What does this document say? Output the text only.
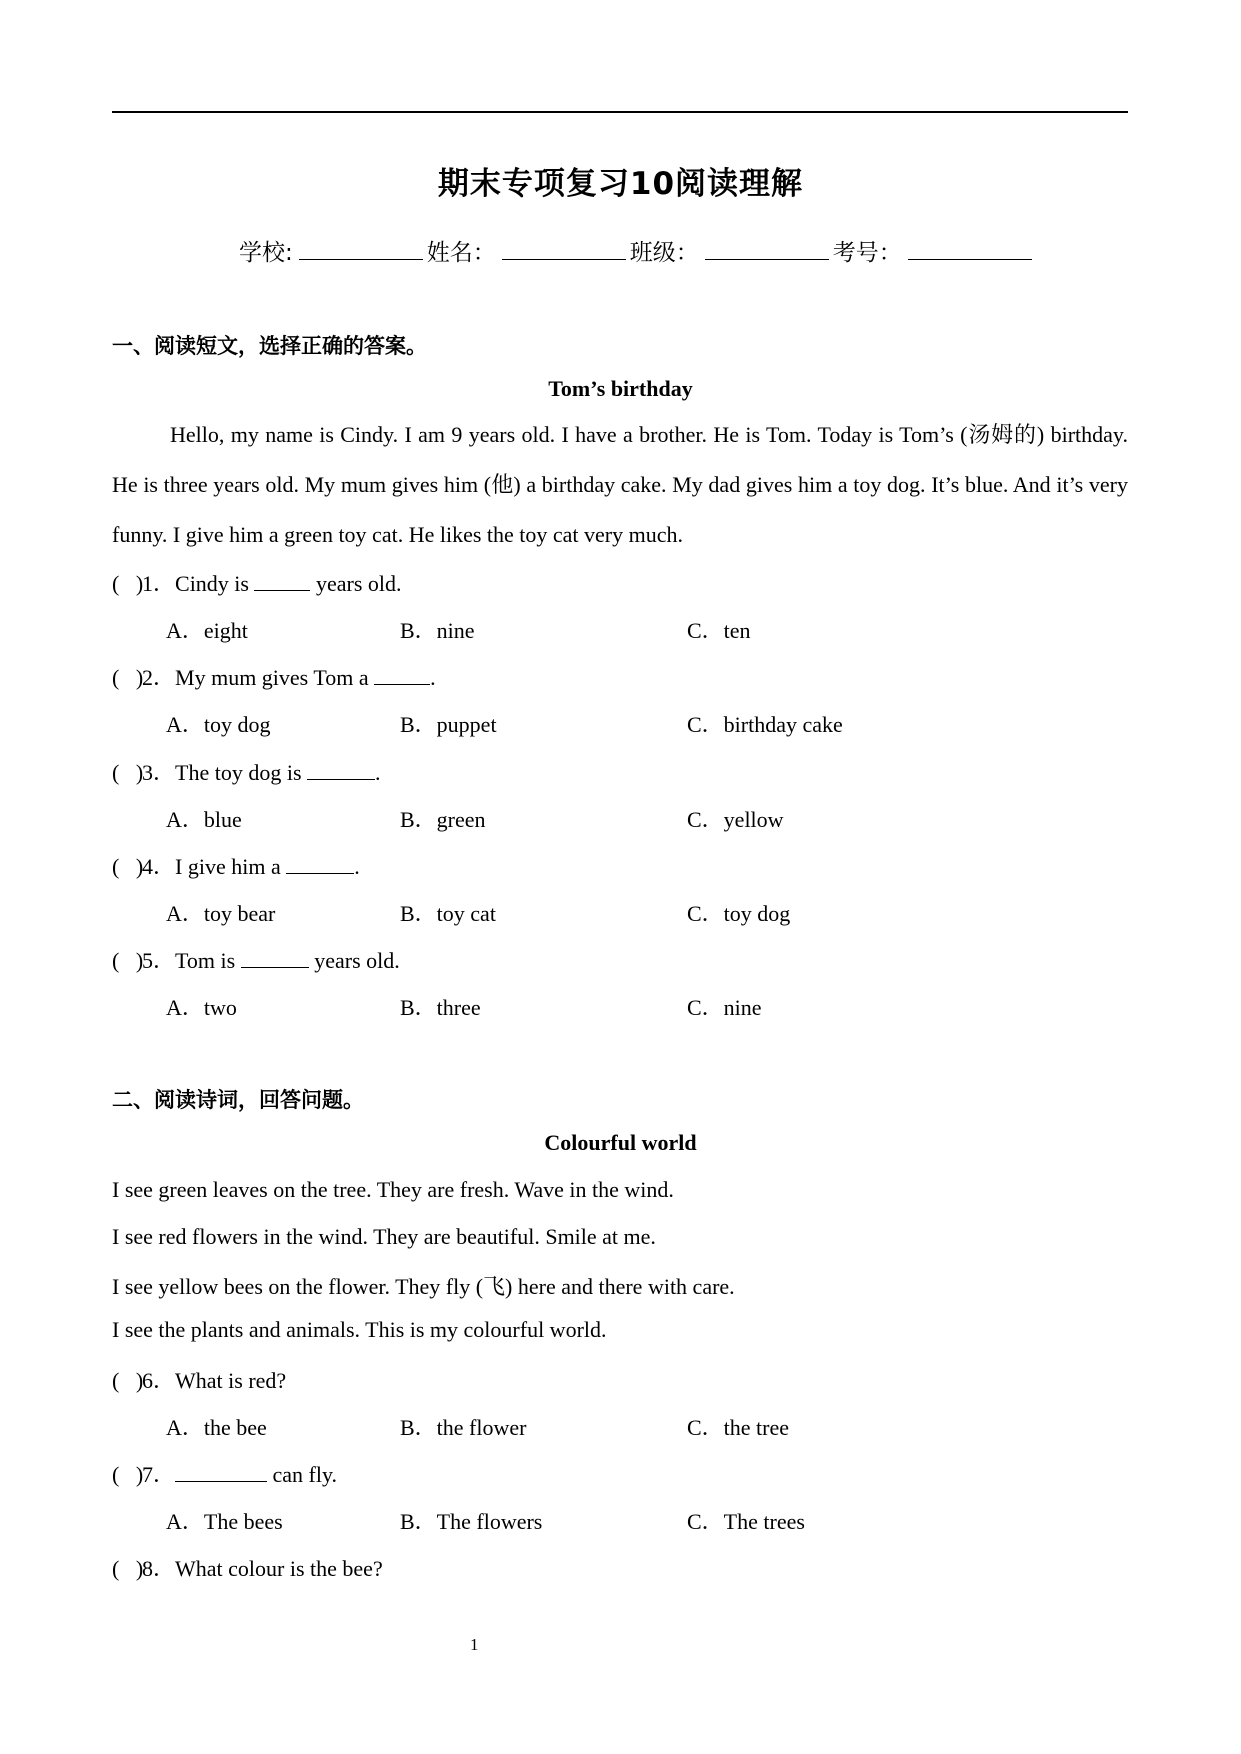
期末专项复习10阅读理解
学校:	姓名：	班级：	考号：
一、阅读短文，选择正确的答案。
Tom’s birthday
Hello, my name is Cindy. I am 9 years old. I have a brother. He is Tom. Today is Tom’s (汤姆的) birthday. He is three years old. My mum gives him (他) a birthday cake. My dad gives him a toy dog. It’s blue. And it’s very funny. I give him a green toy cat. He likes the toy cat very much.
(   )1．Cindy is	years old.
A．eight	B．nine	C．ten
(   )2．My mum gives Tom a	.
A．toy dog	B．puppet	C．birthday cake
(   )3．The toy dog is	.
A．blue	B．green	C．yellow
(   )4．I give him a	.
A．toy bear	B．toy cat	C．toy dog
(   )5．Tom is	years old.
A．two	B．three	C．nine
二、阅读诗词，回答问题。
Colourful world
I see green leaves on the tree. They are fresh. Wave in the wind.
I see red flowers in the wind. They are beautiful. Smile at me.
I see yellow bees on the flower. They fly (飞) here and there with care.
I see the plants and animals. This is my colourful world.
(   )6．What is red?
A．the bee	B．the flower	C．the tree
(   )7．	can fly.
A．The bees	B．The flowers	C．The trees
(   )8．What colour is the bee?
1
